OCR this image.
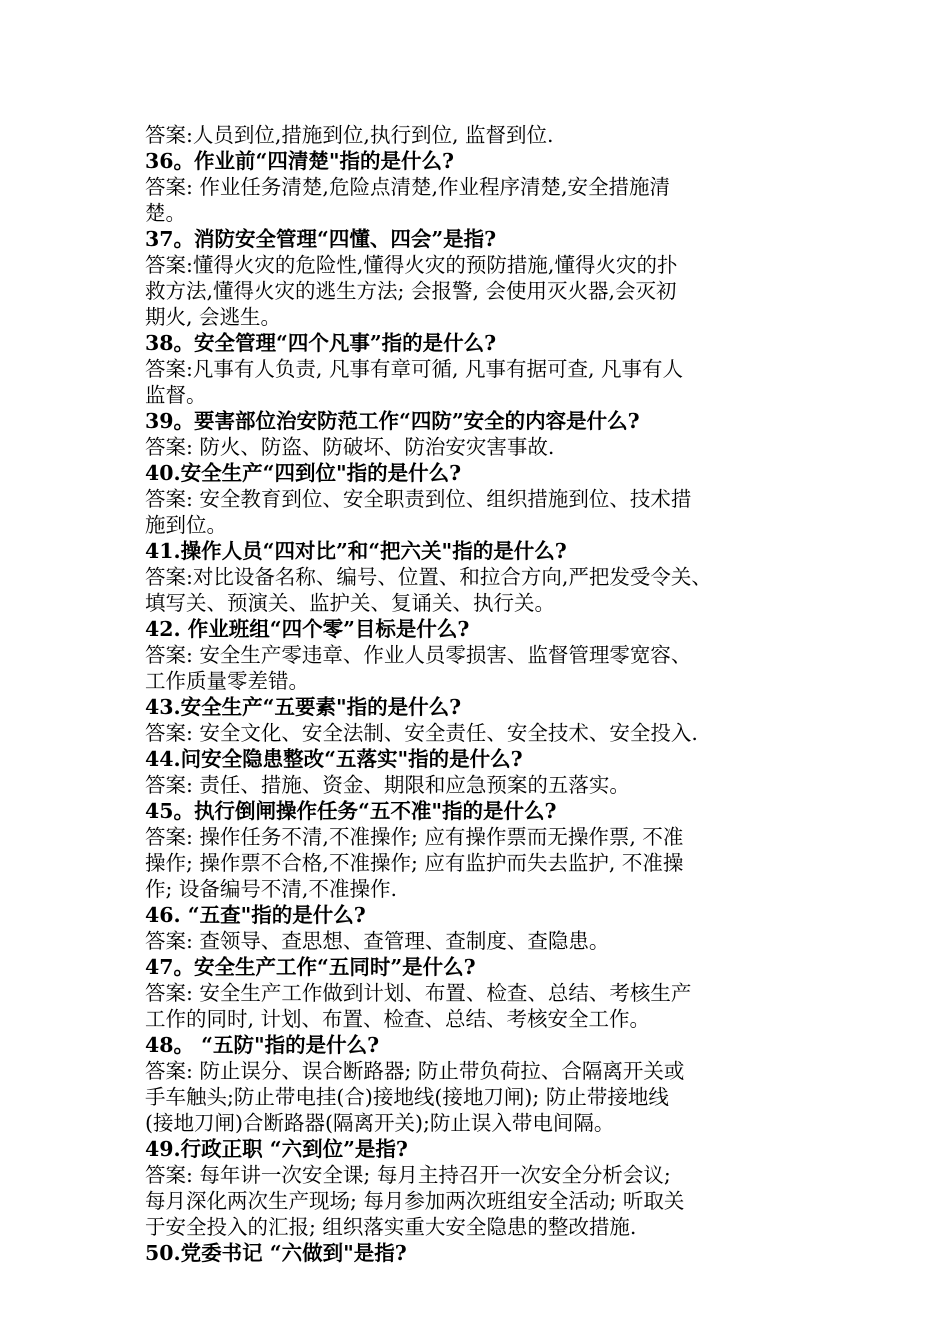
答案:人员到位,措施到位,执行到位, 监督到位.
36。作业前“四清楚"指的是什么?
答案: 作业任务清楚,危险点清楚,作业程序清楚,安全措施清
楚。
37。消防安全管理“四懂、四会”是指?
答案:懂得火灾的危险性,懂得火灾的预防措施,懂得火灾的扑
救方法,懂得火灾的逃生方法; 会报警, 会使用灭火器,会灭初
期火, 会逃生。
38。安全管理“四个凡事”指的是什么?
答案:凡事有人负责, 凡事有章可循, 凡事有据可查, 凡事有人
监督。
39。要害部位治安防范工作“四防”安全的内容是什么?
答案: 防火、防盗、防破坏、防治安灾害事故.
40.安全生产“四到位"指的是什么?
答案: 安全教育到位、安全职责到位、组织措施到位、技术措
施到位。
41.操作人员“四对比”和“把六关"指的是什么?
答案:对比设备名称、编号、位置、和拉合方向,严把发受令关、
填写关、预演关、监护关、复诵关、执行关。
42. 作业班组“四个零”目标是什么?
答案: 安全生产零违章、作业人员零损害、监督管理零宽容、
工作质量零差错。
43.安全生产“五要素"指的是什么?
答案: 安全文化、安全法制、安全责任、安全技术、安全投入.
44.问安全隐患整改“五落实"指的是什么?
答案: 责任、措施、资金、期限和应急预案的五落实。
45。执行倒闸操作任务“五不准"指的是什么?
答案: 操作任务不清,不准操作; 应有操作票而无操作票, 不准
操作; 操作票不合格,不准操作; 应有监护而失去监护, 不准操
作; 设备编号不清,不准操作.
46. “五查"指的是什么?
答案: 查领导、查思想、查管理、查制度、查隐患。
47。安全生产工作“五同时”是什么?
答案: 安全生产工作做到计划、布置、检查、总结、考核生产
工作的同时, 计划、布置、检查、总结、考核安全工作。
48。 “五防"指的是什么?
答案: 防止误分、误合断路器; 防止带负荷拉、合隔离开关或
手车触头;防止带电挂(合)接地线(接地刀闸); 防止带接地线
(接地刀闸)合断路器(隔离开关);防止误入带电间隔。
49.行政正职 “六到位”是指?
答案: 每年讲一次安全课; 每月主持召开一次安全分析会议;
每月深化两次生产现场; 每月参加两次班组安全活动; 听取关
于安全投入的汇报; 组织落实重大安全隐患的整改措施.
50.党委书记 “六做到"是指?
